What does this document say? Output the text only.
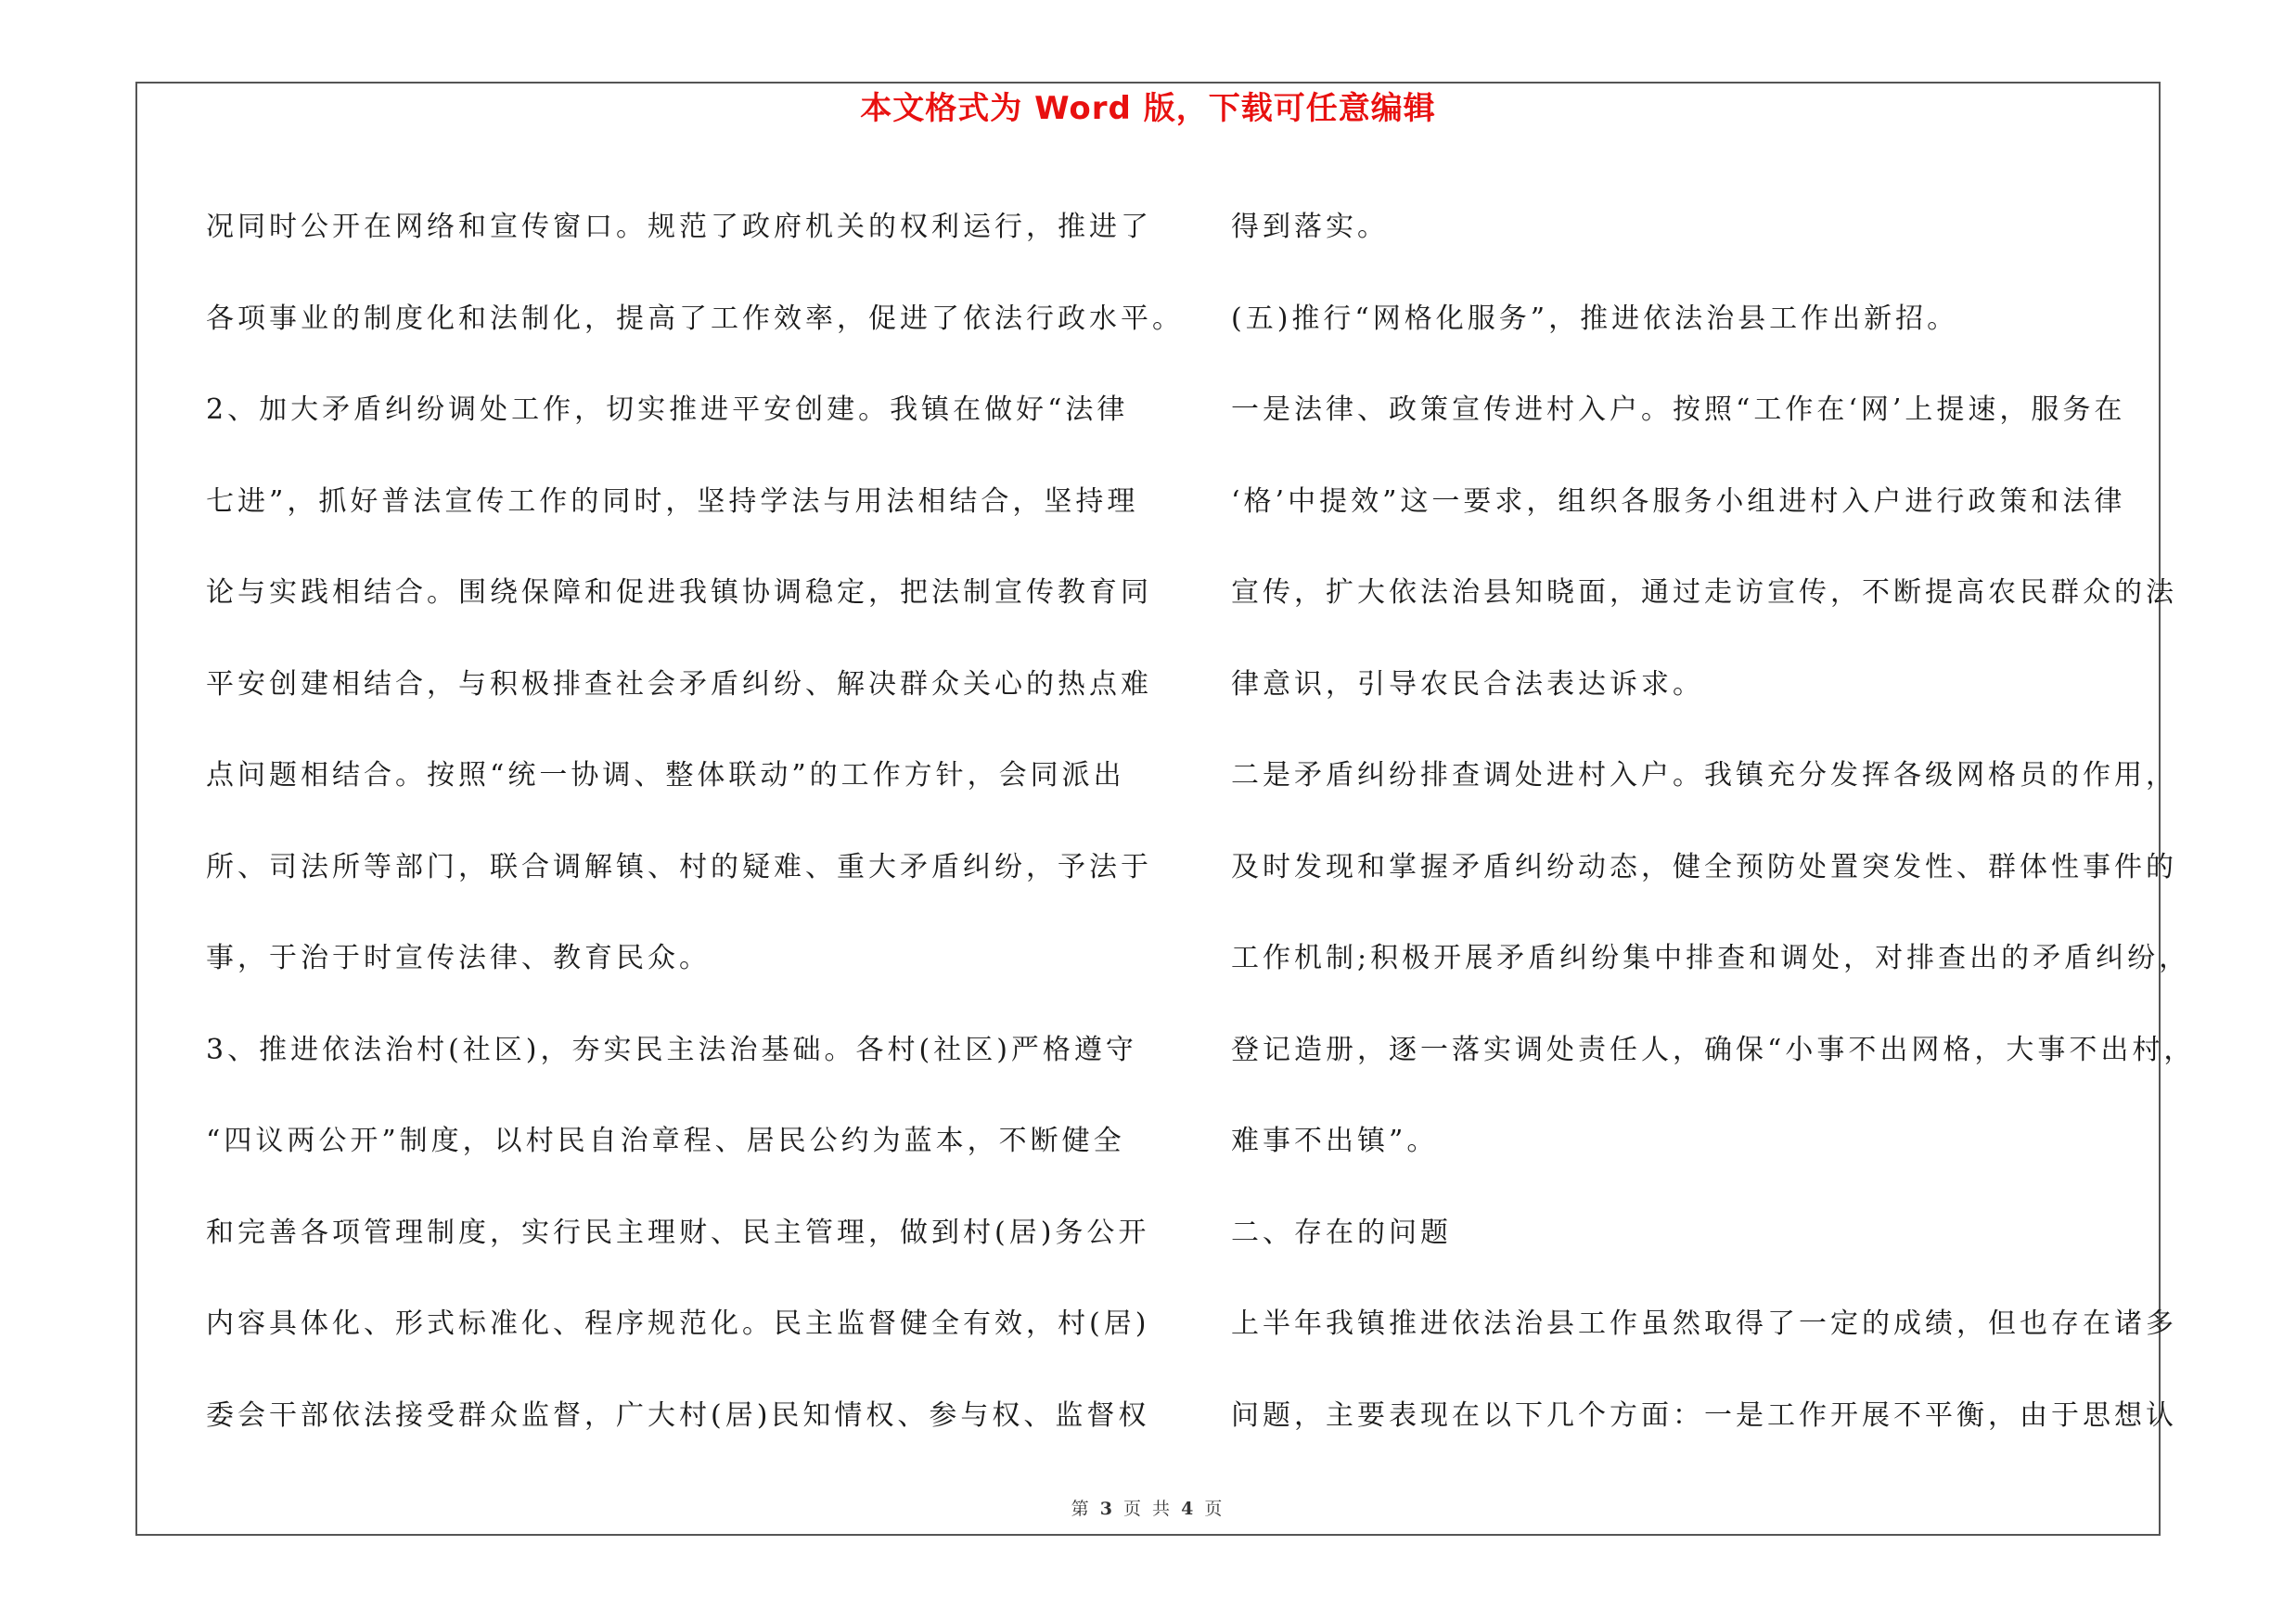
本文格式为 Word 版，下载可任意编辑
况同时公开在网络和宣传窗口。规范了政府机关的权利运行，推进了
各项事业的制度化和法制化，提高了工作效率，促进了依法行政水平。
2、加大矛盾纠纷调处工作，切实推进平安创建。我镇在做好“法律
七进”，抓好普法宣传工作的同时，坚持学法与用法相结合，坚持理
论与实践相结合。围绕保障和促进我镇协调稳定，把法制宣传教育同
平安创建相结合，与积极排查社会矛盾纠纷、解决群众关心的热点难
点问题相结合。按照“统一协调、整体联动”的工作方针，会同派出
所、司法所等部门，联合调解镇、村的疑难、重大矛盾纠纷，予法于
事，于治于时宣传法律、教育民众。
3、推进依法治村(社区)，夯实民主法治基础。各村(社区)严格遵守
“四议两公开”制度，以村民自治章程、居民公约为蓝本，不断健全
和完善各项管理制度，实行民主理财、民主管理，做到村(居)务公开
内容具体化、形式标准化、程序规范化。民主监督健全有效，村(居)
委会干部依法接受群众监督，广大村(居)民知情权、参与权、监督权
得到落实。
(五)推行“网格化服务”，推进依法治县工作出新招。
一是法律、政策宣传进村入户。按照“工作在‘网’上提速，服务在
‘格’中提效”这一要求，组织各服务小组进村入户进行政策和法律
宣传，扩大依法治县知晓面，通过走访宣传，不断提高农民群众的法
律意识，引导农民合法表达诉求。
二是矛盾纠纷排查调处进村入户。我镇充分发挥各级网格员的作用，
及时发现和掌握矛盾纠纷动态，健全预防处置突发性、群体性事件的
工作机制;积极开展矛盾纠纷集中排查和调处，对排查出的矛盾纠纷，
登记造册，逐一落实调处责任人，确保“小事不出网格，大事不出村，
难事不出镇”。
二、存在的问题
上半年我镇推进依法治县工作虽然取得了一定的成绩，但也存在诸多
问题，主要表现在以下几个方面：一是工作开展不平衡，由于思想认
第 3 页 共 4 页
